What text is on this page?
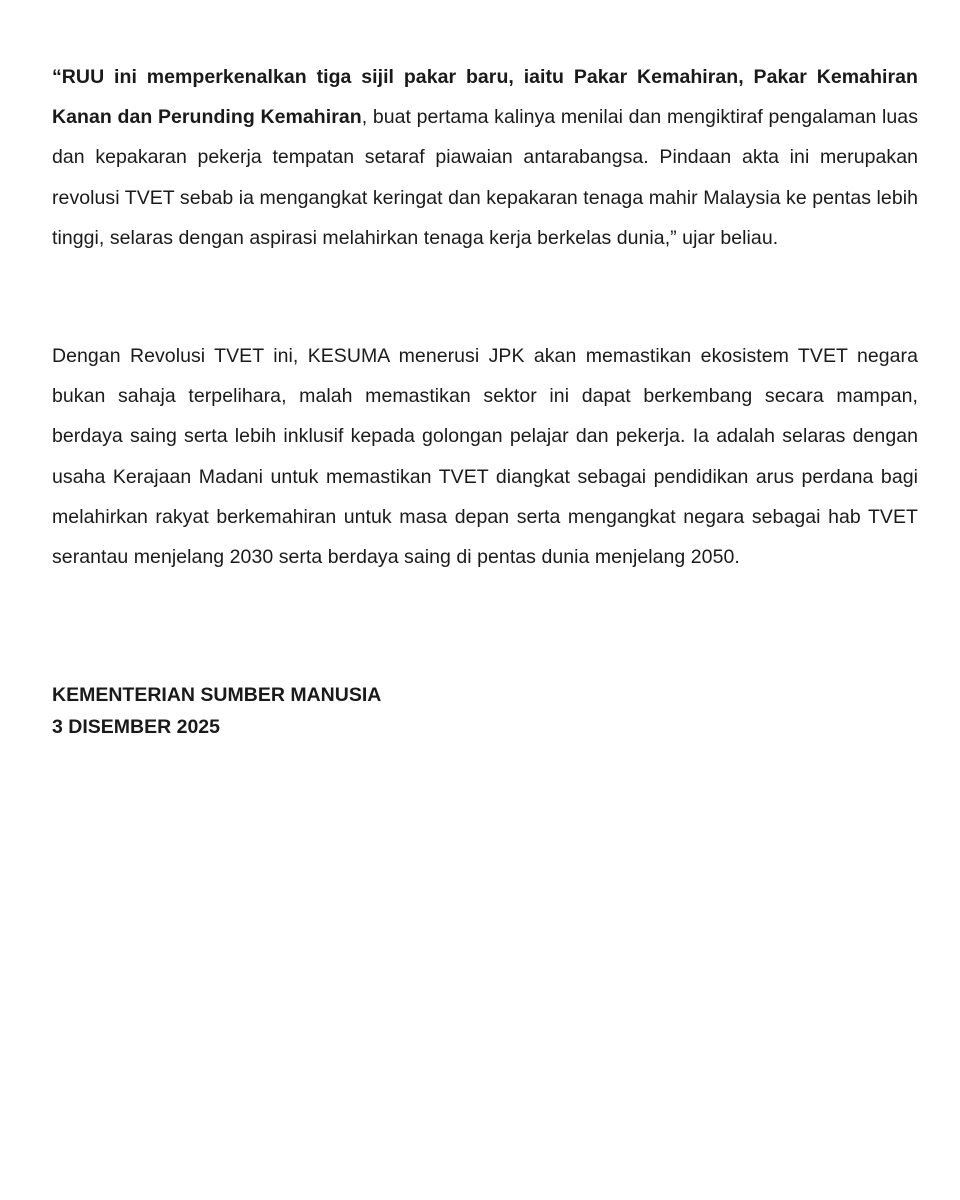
“RUU ini memperkenalkan tiga sijil pakar baru, iaitu Pakar Kemahiran, Pakar Kemahiran Kanan dan Perunding Kemahiran, buat pertama kalinya menilai dan mengiktiraf pengalaman luas dan kepakaran pekerja tempatan setaraf piawaian antarabangsa. Pindaan akta ini merupakan revolusi TVET sebab ia mengangkat keringat dan kepakaran tenaga mahir Malaysia ke pentas lebih tinggi, selaras dengan aspirasi melahirkan tenaga kerja berkelas dunia,” ujar beliau.

Dengan Revolusi TVET ini, KESUMA menerusi JPK akan memastikan ekosistem TVET negara bukan sahaja terpelihara, malah memastikan sektor ini dapat berkembang secara mampan, berdaya saing serta lebih inklusif kepada golongan pelajar dan pekerja. Ia adalah selaras dengan usaha Kerajaan Madani untuk memastikan TVET diangkat sebagai pendidikan arus perdana bagi melahirkan rakyat berkemahiran untuk masa depan serta mengangkat negara sebagai hab TVET serantau menjelang 2030 serta berdaya saing di pentas dunia menjelang 2050.

KEMENTERIAN SUMBER MANUSIA
3 DISEMBER 2025
